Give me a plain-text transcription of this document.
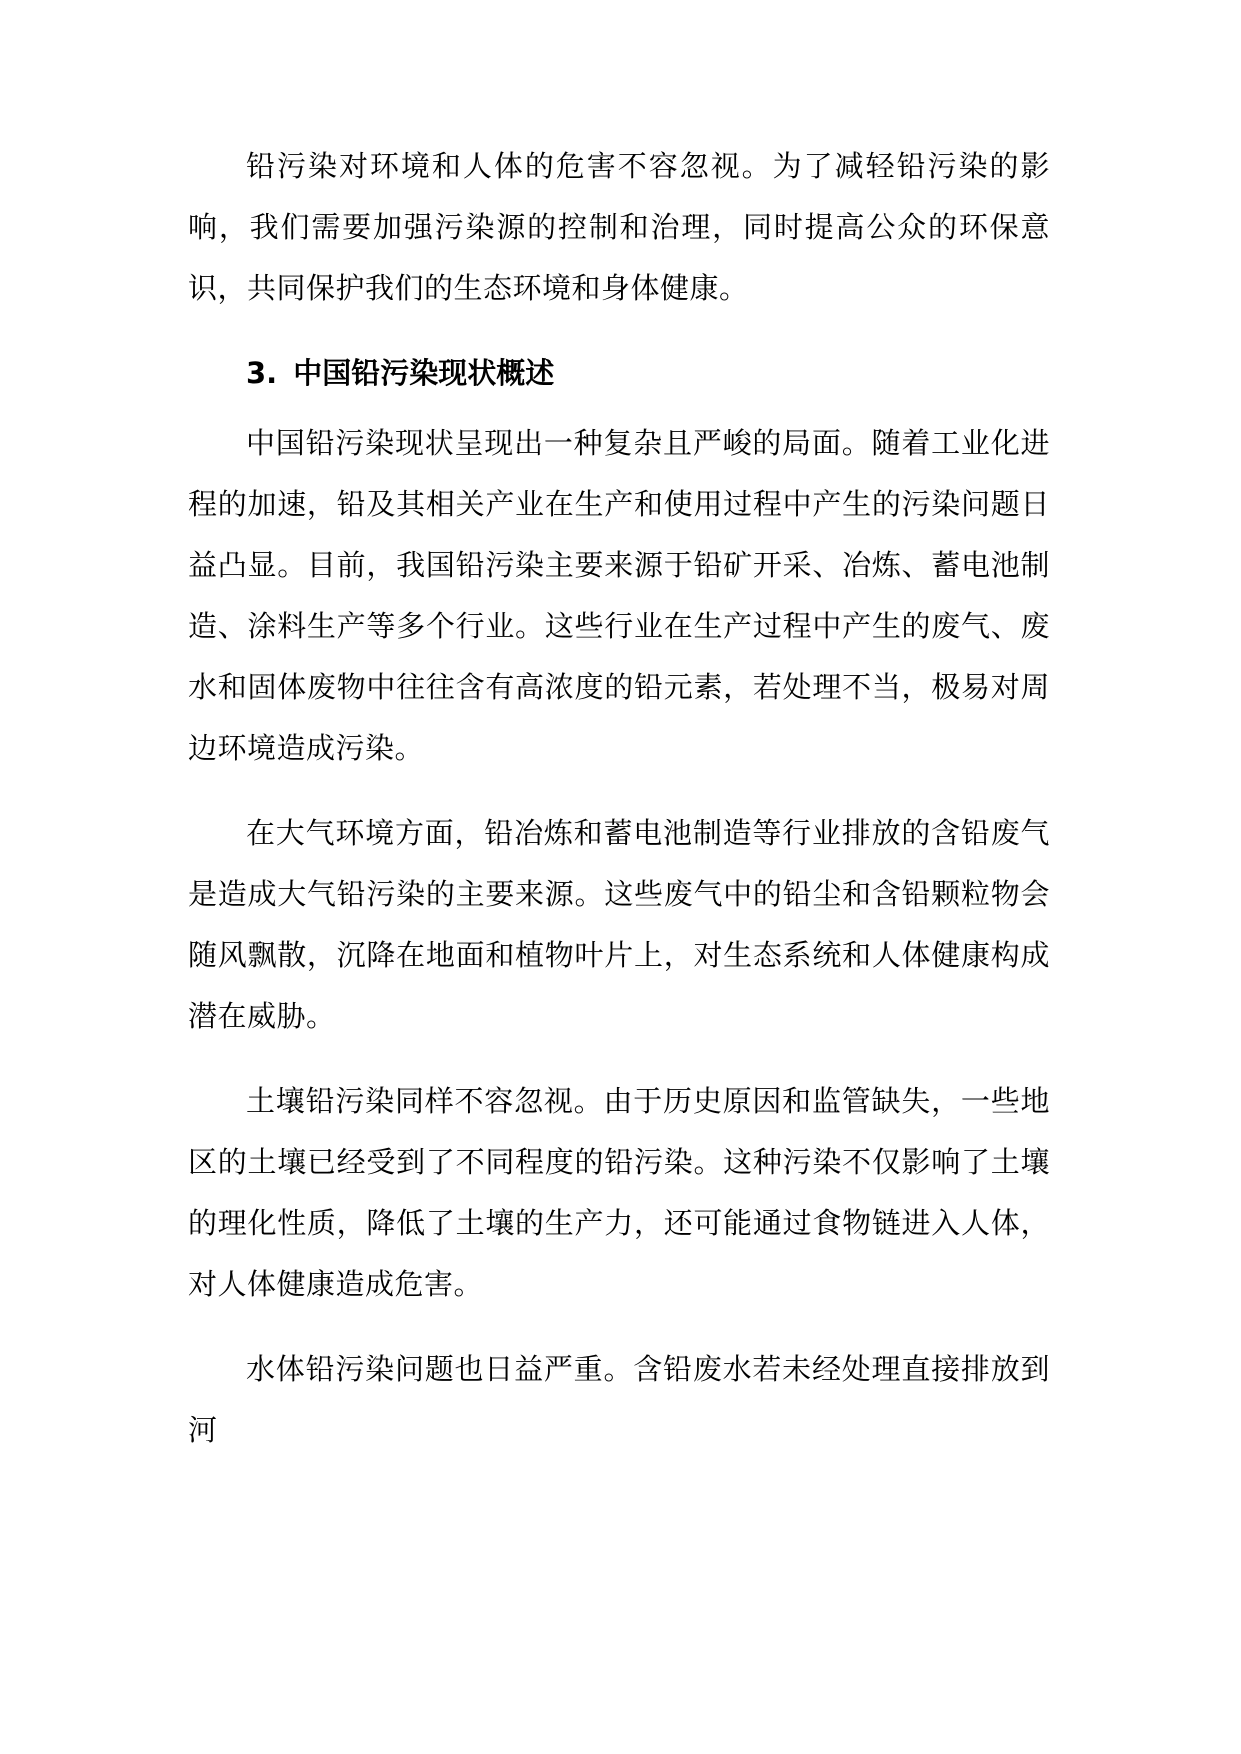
铅污染对环境和人体的危害不容忽视。为了减轻铅污染的影响，我们需要加强污染源的控制和治理，同时提高公众的环保意识，共同保护我们的生态环境和身体健康。

3. 中国铅污染现状概述

中国铅污染现状呈现出一种复杂且严峻的局面。随着工业化进程的加速，铅及其相关产业在生产和使用过程中产生的污染问题日益凸显。目前，我国铅污染主要来源于铅矿开采、冶炼、蓄电池制造、涂料生产等多个行业。这些行业在生产过程中产生的废气、废水和固体废物中往往含有高浓度的铅元素，若处理不当，极易对周边环境造成污染。

在大气环境方面，铅冶炼和蓄电池制造等行业排放的含铅废气是造成大气铅污染的主要来源。这些废气中的铅尘和含铅颗粒物会随风飘散，沉降在地面和植物叶片上，对生态系统和人体健康构成潜在威胁。

土壤铅污染同样不容忽视。由于历史原因和监管缺失，一些地区的土壤已经受到了不同程度的铅污染。这种污染不仅影响了土壤的理化性质，降低了土壤的生产力，还可能通过食物链进入人体，对人体健康造成危害。

水体铅污染问题也日益严重。含铅废水若未经处理直接排放到河
